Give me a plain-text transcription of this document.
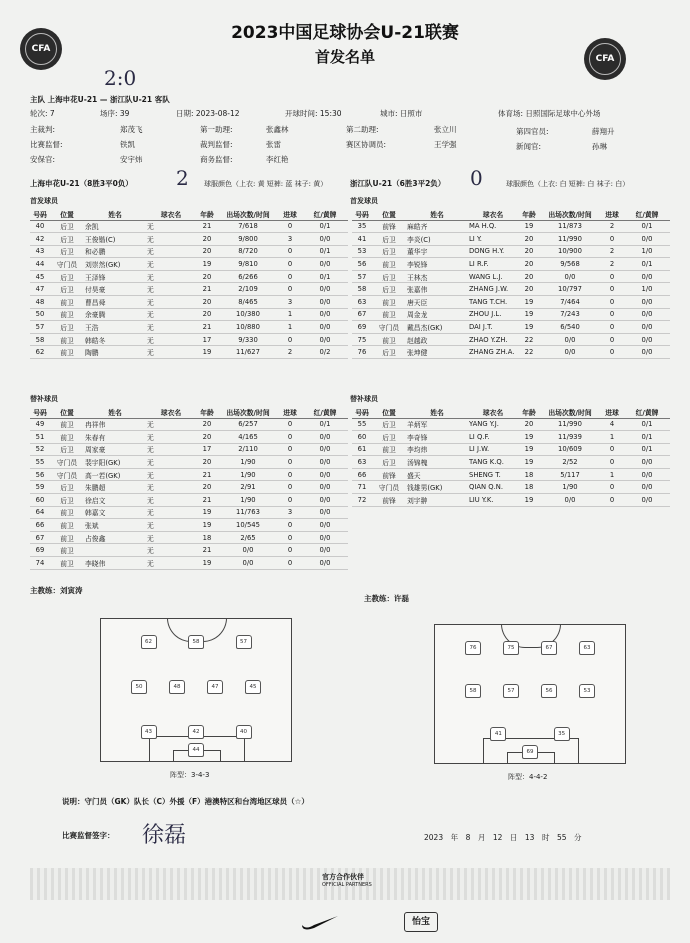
CFA
CFA
2023中国足球协会U-21联赛
首发名单
2:0
主队 上海申花U-21 — 浙江队U-21 客队
轮次: 7	场序: 39	日期: 2023-08-12	开球时间: 15:30	城市: 日照市	体育场: 日照国际足球中心外场
主裁判:	郑茂飞	第一助理:	张鑫林	第二助理:	张立川	第四官员:	薛翔升
比赛监督:	铁凯	裁判监督:	张雷	赛区协调员:	王学强	新闻官:	孙琳
安保官:	安宇炜	商务监督:	李红艳
上海申花U-21（8胜3平0负） 2 球服颜色（上衣: 黄 短裤: 蓝 袜子: 黄）	浙江队U-21（6胜3平2负） 0	球服颜色（上衣: 白 短裤: 白 袜子: 白）
首发球员	首发球员
号码	位置	姓名	球衣名	年龄	出场次数/时间	进球	红/黄牌
40	后卫	余凯	无	21	7/618	0	0/1
42	后卫	王俊锴(C)	无	20	9/800	3	0/0
43	后卫	和必鹏	无	20	8/720	0	0/1
44	守门员	刘崇然(GK)	无	19	9/810	0	0/0
45	后卫	王泽锋	无	20	6/266	0	0/1
47	后卫	付昊豪	无	21	2/109	0	0/0
48	前卫	曹昌舜	无	20	8/465	3	0/0
50	前卫	余豪腾	无	20	10/380	1	0/0
57	后卫	王浩	无	21	10/880	1	0/0
58	前卫	韩皓冬	无	17	9/330	0	0/0
62	前卫	陶鹏	无	19	11/627	2	0/2
号码	位置	姓名	球衣名	年龄	出场次数/时间	进球	红/黄牌
35	前锋	麻皓齐	MA H.Q.	19	11/873	2	0/1
41	后卫	李炎(C)	LI Y.	20	11/990	0	0/0
53	后卫	董华宇	DONG H.Y.	20	10/900	2	1/0
56	前卫	李锐锋	LI R.F.	20	9/568	2	0/1
57	后卫	王林杰	WANG L.J.	20	0/0	0	0/0
58	后卫	张嘉伟	ZHANG J.W.	20	10/797	0	1/0
63	前卫	唐天臣	TANG T.CH.	19	7/464	0	0/0
67	前卫	周金龙	ZHOU J.L.	19	7/243	0	0/0
69	守门员	戴昌杰(GK)	DAI J.T.	19	6/540	0	0/0
75	前卫	赵越政	ZHAO Y.ZH.	22	0/0	0	0/0
76	后卫	张坤健	ZHANG ZH.A.	22	0/0	0	0/0
替补球员	替补球员
号码	位置	姓名	球衣名	年龄	出场次数/时间	进球	红/黄牌
49	前卫	冉祥伟	无	20	6/257	0	0/1
51	前卫	朱春有	无	20	4/165	0	0/0
52	后卫	周家豪	无	17	2/110	0	0/0
55	守门员	裴宇阳(GK)	无	20	1/90	0	0/0
56	守门员	高一若(GK)	无	21	1/90	0	0/0
59	后卫	朱鹏超	无	20	2/91	0	0/0
60	后卫	徐启文	无	21	1/90	0	0/0
64	前卫	韩嘉文	无	19	11/763	3	0/0
66	前卫	张斌	无	19	10/545	0	0/0
67	前卫	占俊鑫	无	18	2/65	0	0/0
69	前卫		无	21	0/0	0	0/0
74	前卫	李晓伟	无	19	0/0	0	0/0
号码	位置	姓名	球衣名	年龄	出场次数/时间	进球	红/黄牌
55	后卫	羊炳军	YANG Y.J.	20	11/990	4	0/1
60	后卫	李奇锋	LI Q.F.	19	11/939	1	0/1
61	前卫	李均炜	LI J.W.	19	10/609	0	0/1
63	后卫	汤锦槐	TANG K.Q.	19	2/52	0	0/0
66	前锋	盛天	SHENG T.	18	5/117	1	0/0
71	守门员	钱雄男(GK)	QIAN Q.N.	18	1/90	0	0/0
72	前锋	刘宇翀	LIU Y.K.	19	0/0	0	0/0
主教练：刘寅涛
主教练：许磊
62	58	57
50	48	47	45
43	42	40
44
阵型：3-4-3
76	75	67	63
58	57	56	53
41	35
69
阵型：4-4-2
说明：守门员（GK）队长（C）外援（F）港澳特区和台湾地区球员（☆）
比赛监督签字： 徐磊	2023　年　8　月　12　日　13　时　55　分
官方合作伙伴
OFFICIAL PARTNERS
怡宝
